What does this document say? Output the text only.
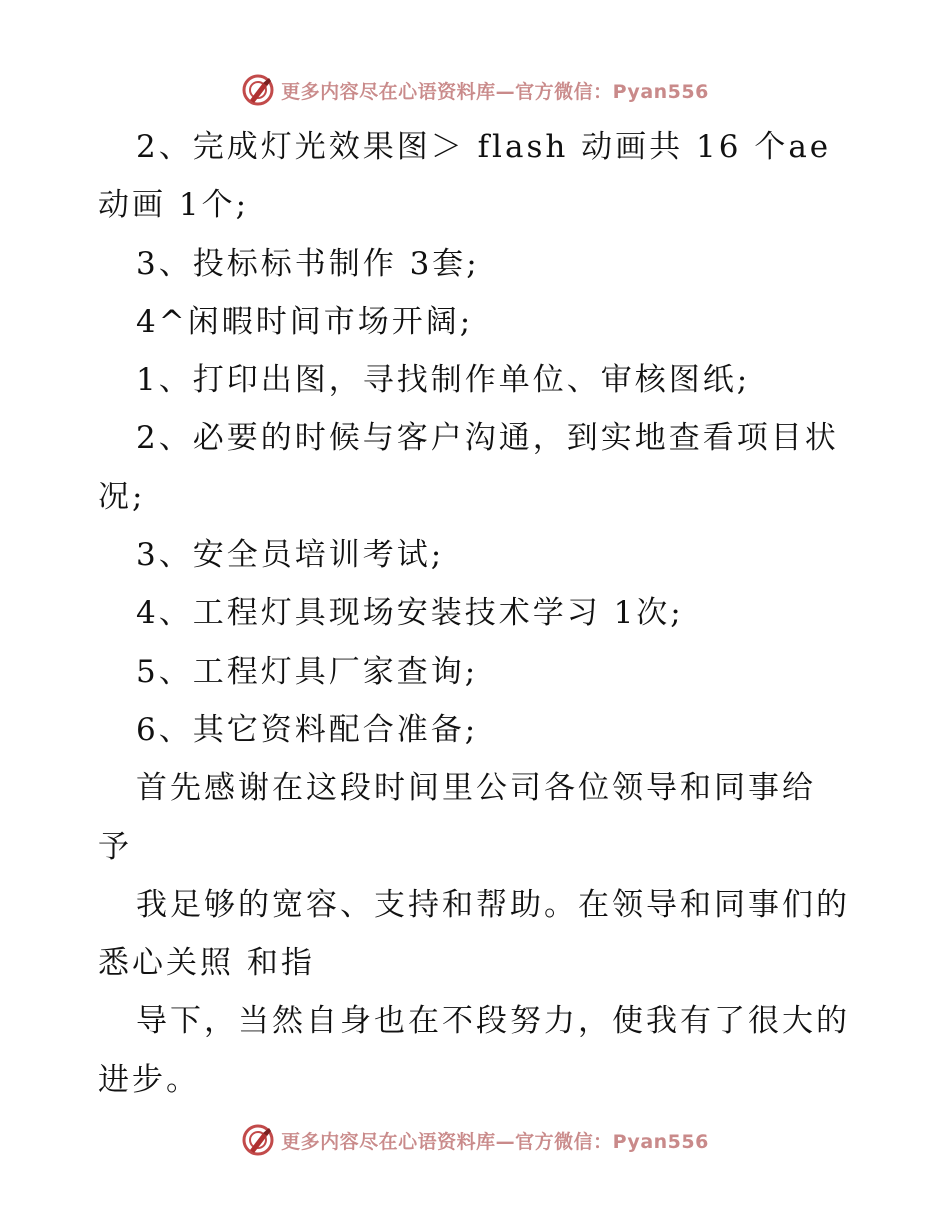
更多内容尽在心语资料库—官方微信：Pyan556

2、完成灯光效果图＞ flash 动画共 16 个ae

动画 1个;

3、投标标书制作 3套;

4^闲暇时间市场开阔;

1、打印出图，寻找制作单位、审核图纸;

2、必要的时候与客户沟通，到实地查看项目状

况;

3、安全员培训考试;

4、工程灯具现场安装技术学习 1次;

5、工程灯具厂家查询;

6、其它资料配合准备;

首先感谢在这段时间里公司各位领导和同事给

予

我足够的宽容、支持和帮助。在领导和同事们的

悉心关照 和指

导下，当然自身也在不段努力，使我有了很大的

进步。

更多内容尽在心语资料库—官方微信：Pyan556
